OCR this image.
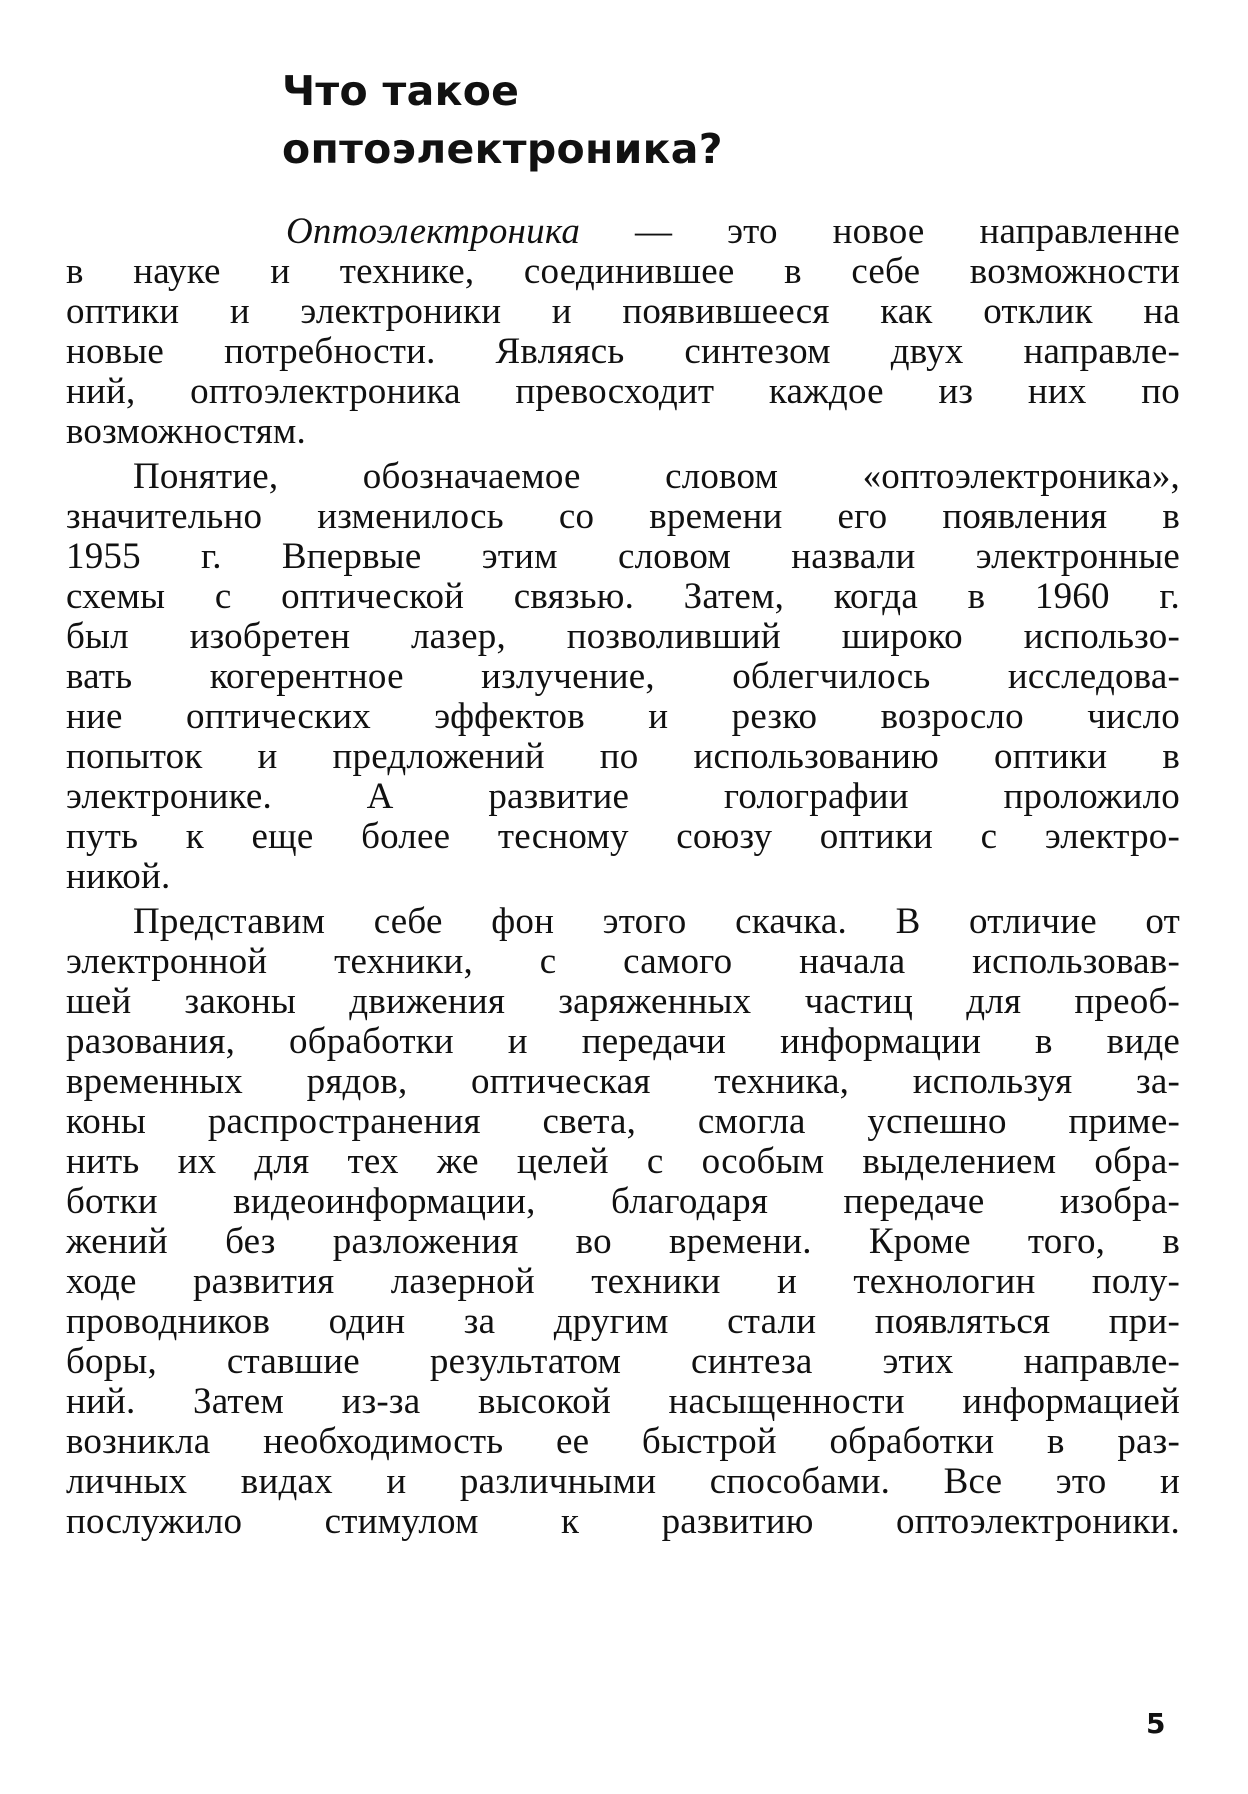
Что такое
оптоэлектроника?
Оптоэлектроника — это новое направленне
в науке и технике, соединившее в себе возможности
оптики и электроники и появившееся как отклик на
новые потребности. Являясь синтезом двух направле-
ний, оптоэлектроника превосходит каждое из них по
возможностям.
Понятие, обозначаемое словом «оптоэлектроника»,
значительно изменилось со времени его появления в
1955 г. Впервые этим словом назвали электронные
схемы с оптической связью. Затем, когда в 1960 г.
был изобретен лазер, позволивший широко использо-
вать когерентное излучение, облегчилось исследова-
ние оптических эффектов и резко возросло число
попыток и предложений по использованию оптики в
электронике. А развитие голографии проложило
путь к еще более тесному союзу оптики с электро-
никой.
Представим себе фон этого скачка. В отличие от
электронной техники, с самого начала использовав-
шей законы движения заряженных частиц для преоб-
разования, обработки и передачи информации в виде
временных рядов, оптическая техника, используя за-
коны распространения света, смогла успешно приме-
нить их для тех же целей с особым выделением обра-
ботки видеоинформации, благодаря передаче изобра-
жений без разложения во времени. Кроме того, в
ходе развития лазерной техники и технологин полу-
проводников один за другим стали появляться при-
боры, ставшие результатом синтеза этих направле-
ний. Затем из-за высокой насыщенности информацией
возникла необходимость ее быстрой обработки в раз-
личных видах и различными способами. Все это и
послужило стимулом к развитию оптоэлектроники.
5
